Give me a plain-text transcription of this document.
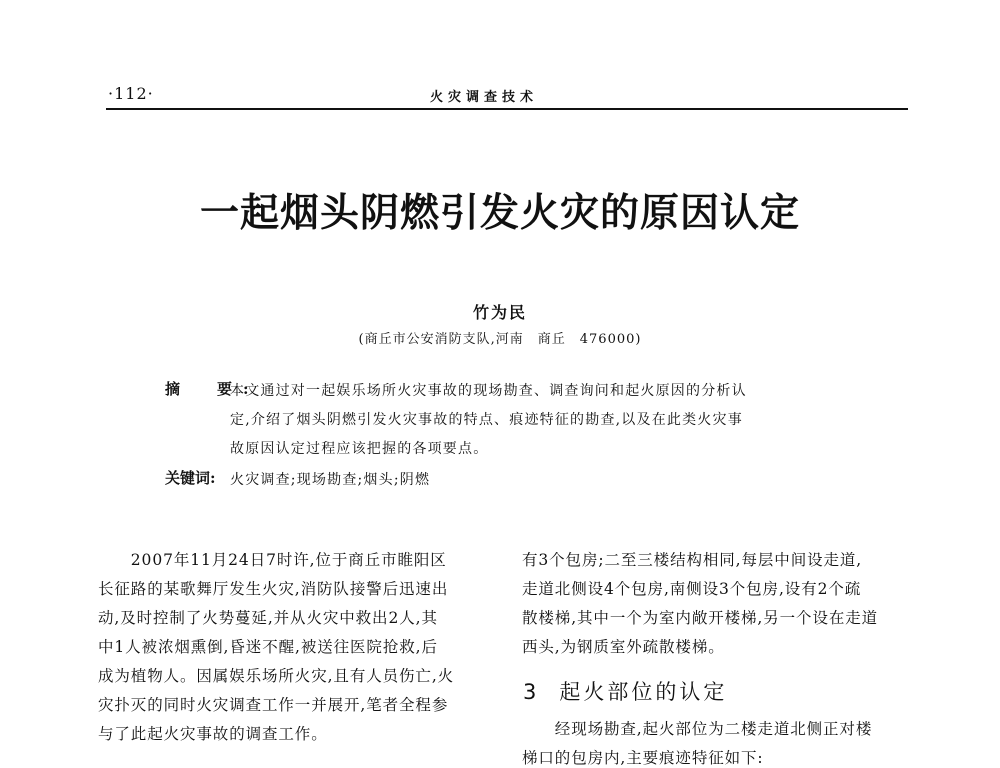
·112·	火灾调查技术
一起烟头阴燃引发火灾的原因认定
竹为民
(商丘市公安消防支队,河南　商丘　476000)
摘　要:
本文通过对一起娱乐场所火灾事故的现场勘查、调查询问和起火原因的分析认
定,介绍了烟头阴燃引发火灾事故的特点、痕迹特征的勘查,以及在此类火灾事
故原因认定过程应该把握的各项要点。
关键词: 火灾调查;现场勘查;烟头;阴燃
　　2007年11月24日7时许,位于商丘市睢阳区
长征路的某歌舞厅发生火灾,消防队接警后迅速出
动,及时控制了火势蔓延,并从火灾中救出2人,其
中1人被浓烟熏倒,昏迷不醒,被送往医院抢救,后
成为植物人。因属娱乐场所火灾,且有人员伤亡,火
灾扑灭的同时火灾调查工作一并展开,笔者全程参
与了此起火灾事故的调查工作。
有3个包房;二至三楼结构相同,每层中间设走道,
走道北侧设4个包房,南侧设3个包房,设有2个疏
散楼梯,其中一个为室内敞开楼梯,另一个设在走道
西头,为钢质室外疏散楼梯。
3 起火部位的认定
　　经现场勘查,起火部位为二楼走道北侧正对楼
梯口的包房内,主要痕迹特征如下:
